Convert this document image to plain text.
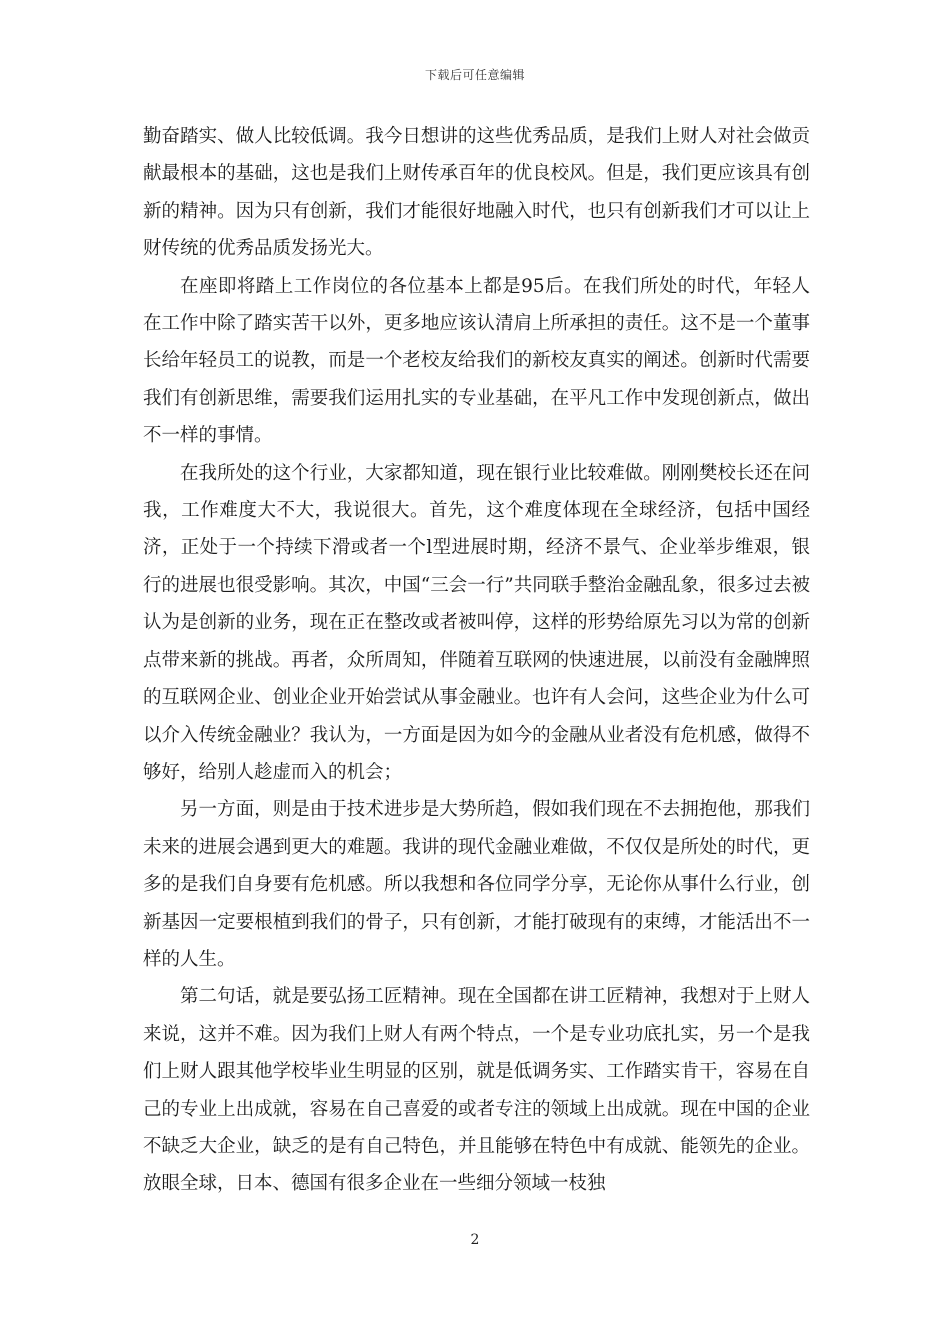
下载后可任意编辑

勤奋踏实、做人比较低调。我今日想讲的这些优秀品质，是我们上财人对社会做贡献最根本的基础，这也是我们上财传承百年的优良校风。但是，我们更应该具有创新的精神。因为只有创新，我们才能很好地融入时代，也只有创新我们才可以让上财传统的优秀品质发扬光大。

在座即将踏上工作岗位的各位基本上都是95后。在我们所处的时代，年轻人在工作中除了踏实苦干以外，更多地应该认清肩上所承担的责任。这不是一个董事长给年轻员工的说教，而是一个老校友给我们的新校友真实的阐述。创新时代需要我们有创新思维，需要我们运用扎实的专业基础，在平凡工作中发现创新点，做出不一样的事情。

在我所处的这个行业，大家都知道，现在银行业比较难做。刚刚樊校长还在问我，工作难度大不大，我说很大。首先，这个难度体现在全球经济，包括中国经济，正处于一个持续下滑或者一个l型进展时期，经济不景气、企业举步维艰，银行的进展也很受影响。其次，中国“三会一行”共同联手整治金融乱象，很多过去被认为是创新的业务，现在正在整改或者被叫停，这样的形势给原先习以为常的创新点带来新的挑战。再者，众所周知，伴随着互联网的快速进展，以前没有金融牌照的互联网企业、创业企业开始尝试从事金融业。也许有人会问，这些企业为什么可以介入传统金融业？我认为，一方面是因为如今的金融从业者没有危机感，做得不够好，给别人趁虚而入的机会；

另一方面，则是由于技术进步是大势所趋，假如我们现在不去拥抱他，那我们未来的进展会遇到更大的难题。我讲的现代金融业难做，不仅仅是所处的时代，更多的是我们自身要有危机感。所以我想和各位同学分享，无论你从事什么行业，创新基因一定要根植到我们的骨子，只有创新，才能打破现有的束缚，才能活出不一样的人生。

第二句话，就是要弘扬工匠精神。现在全国都在讲工匠精神，我想对于上财人来说，这并不难。因为我们上财人有两个特点，一个是专业功底扎实，另一个是我们上财人跟其他学校毕业生明显的区别，就是低调务实、工作踏实肯干，容易在自己的专业上出成就，容易在自己喜爱的或者专注的领域上出成就。现在中国的企业不缺乏大企业，缺乏的是有自己特色，并且能够在特色中有成就、能领先的企业。放眼全球，日本、德国有很多企业在一些细分领域一枝独

2
